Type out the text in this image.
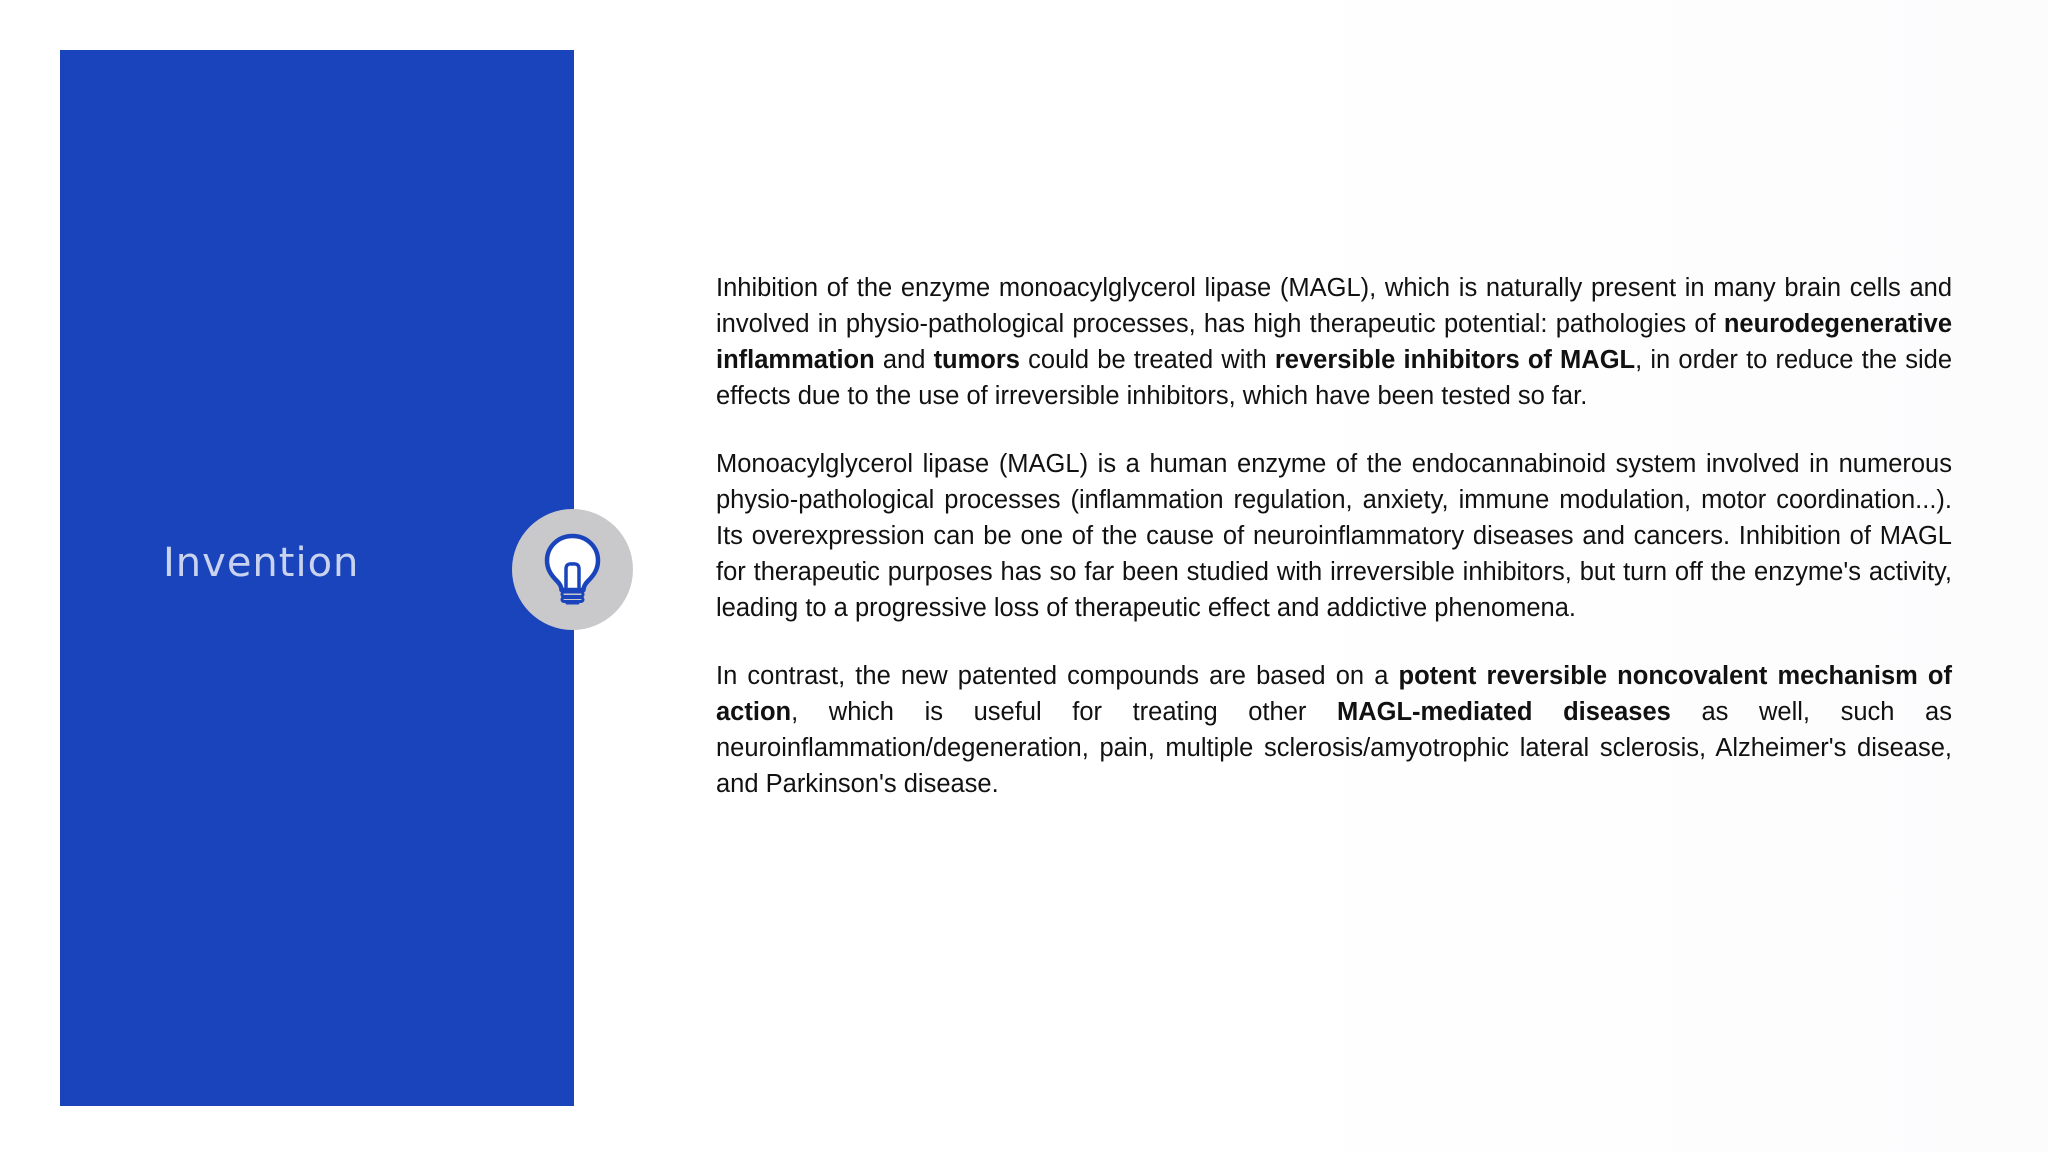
Invention

Inhibition of the enzyme monoacylglycerol lipase (MAGL), which is naturally present in many brain cells and involved in physio-pathological processes, has high therapeutic potential: pathologies of neurodegenerative inflammation and tumors could be treated with reversible inhibitors of MAGL, in order to reduce the side effects due to the use of irreversible inhibitors, which have been tested so far.

Monoacylglycerol lipase (MAGL) is a human enzyme of the endocannabinoid system involved in numerous physio-pathological processes (inflammation regulation, anxiety, immune modulation, motor coordination...). Its overexpression can be one of the cause of neuroinflammatory diseases and cancers. Inhibition of MAGL for therapeutic purposes has so far been studied with irreversible inhibitors, but turn off the enzyme's activity, leading to a progressive loss of therapeutic effect and addictive phenomena.

In contrast, the new patented compounds are based on a potent reversible noncovalent mechanism of action, which is useful for treating other MAGL-mediated diseases as well, such as neuroinflammation/degeneration, pain, multiple sclerosis/amyotrophic lateral sclerosis, Alzheimer's disease, and Parkinson's disease.
